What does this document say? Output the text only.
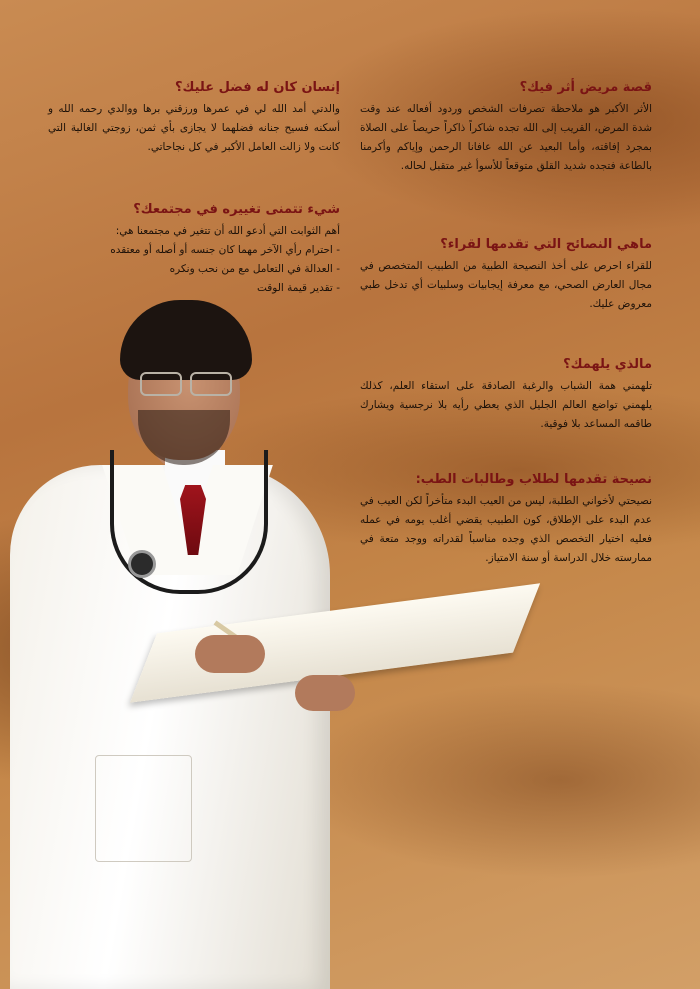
قصة مريض أثر فيك؟

الأثر الأكبر هو ملاحظة تصرفات الشخص وردود أفعاله عند وقت شدة المرض، القريب إلى الله تجده شاكراً ذاكراً حريصاً على الصلاة بمجرد إفاقته، وأما البعيد عن الله عافانا الرحمن وإياكم وأكرمنا بالطاعة فتجده شديد القلق متوقعاً للأسوأ غير متقبل لحاله.

إنسان كان له فضل عليك؟

والدتي أمد الله لي في عمرها ورزقني برها ووالدي رحمه الله و أسكنه فسيح جنانه فضلهما لا يجازى بأي ثمن، زوجتي الغالية التي كانت ولا زالت العامل الأكبر في كل نجاحاتي.

شيء تتمنى تغييره في مجتمعك؟

أهم الثوابت التي أدعو الله أن تتغير في مجتمعنا هي:

- احترام رأي الآخر مهما كان جنسه أو أصله أو معتقده
- العدالة في التعامل مع من نحب ونكره
- تقدير قيمة الوقت
ماهي النصائح التي تقدمها لقراء؟

للقراء احرص على أخذ النصيحة الطبية من الطبيب المتخصص في مجال العارض الصحي، مع معرفة إيجابيات وسلبيات أي تدخل طبي معروض عليك.

مالذي يلهمك؟

تلهمني همة الشباب والرغبة الصادقة على استقاء العلم، كذلك يلهمني تواضع العالم الجليل الذي يعطي رأيه بلا نرجسية ويشارك طاقمه المساعد بلا فوقية.

نصيحة تقدمها لطلاب وطالبات الطب:

نصيحتي لأخواني الطلبة، ليس من العيب البدء متأخراً لكن العيب في عدم البدء على الإطلاق، كون الطبيب يقضي أغلب يومه في عمله فعليه اختيار التخصص الذي وجده مناسباً لقدراته ووجد متعة في ممارسته خلال الدراسة أو سنة الامتياز.
